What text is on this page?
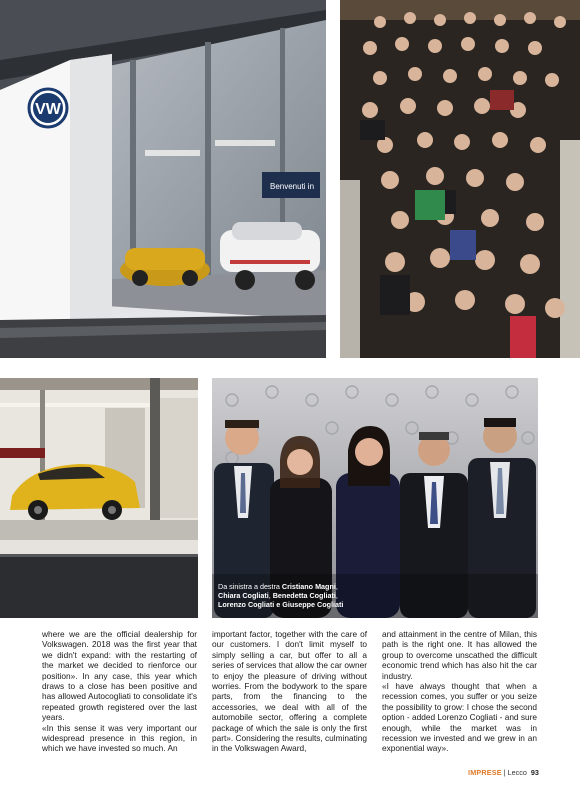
Benvenuti in
VW
Da sinistra a destra Cristiano Magni,
Chiara Cogliati, Benedetta Cogliati,
Lorenzo Cogliati e Giuseppe Cogliati

where we are the official dealership for Volkswagen. 2018 was the first year that we didn't expand: with the restarting of the market we decided to rienforce our position». In any case, this year which draws to a close has been positive and has allowed Autocogliati to consolidate it's repeated growth registered over the last years.

«In this sense it was very important our widespread presence in this region, in which we have invested so much. An

important factor, together with the care of our customers. I don't limit myself to simply selling a car, but offer to all a series of services that allow the car owner to enjoy the pleasure of driving without worries. From the bodywork to the spare parts, from the financing to the accessories, we deal with all of the automobile sector, offering a complete package of which the sale is only the first part». Considering the results, culminating in the Volkswagen Award,

and attainment in the centre of Milan, this path is the right one. It has allowed the group to overcome unscathed the difficult economic trend which has also hit the car industry.

«I have always thought that when a recession comes, you suffer or you seize the possibility to grow: I chose the second option - added Lorenzo Cogliati - and sure enough, while the market was in recession we invested and we grew in an exponential way».

IMPRESE | Lecco 93
